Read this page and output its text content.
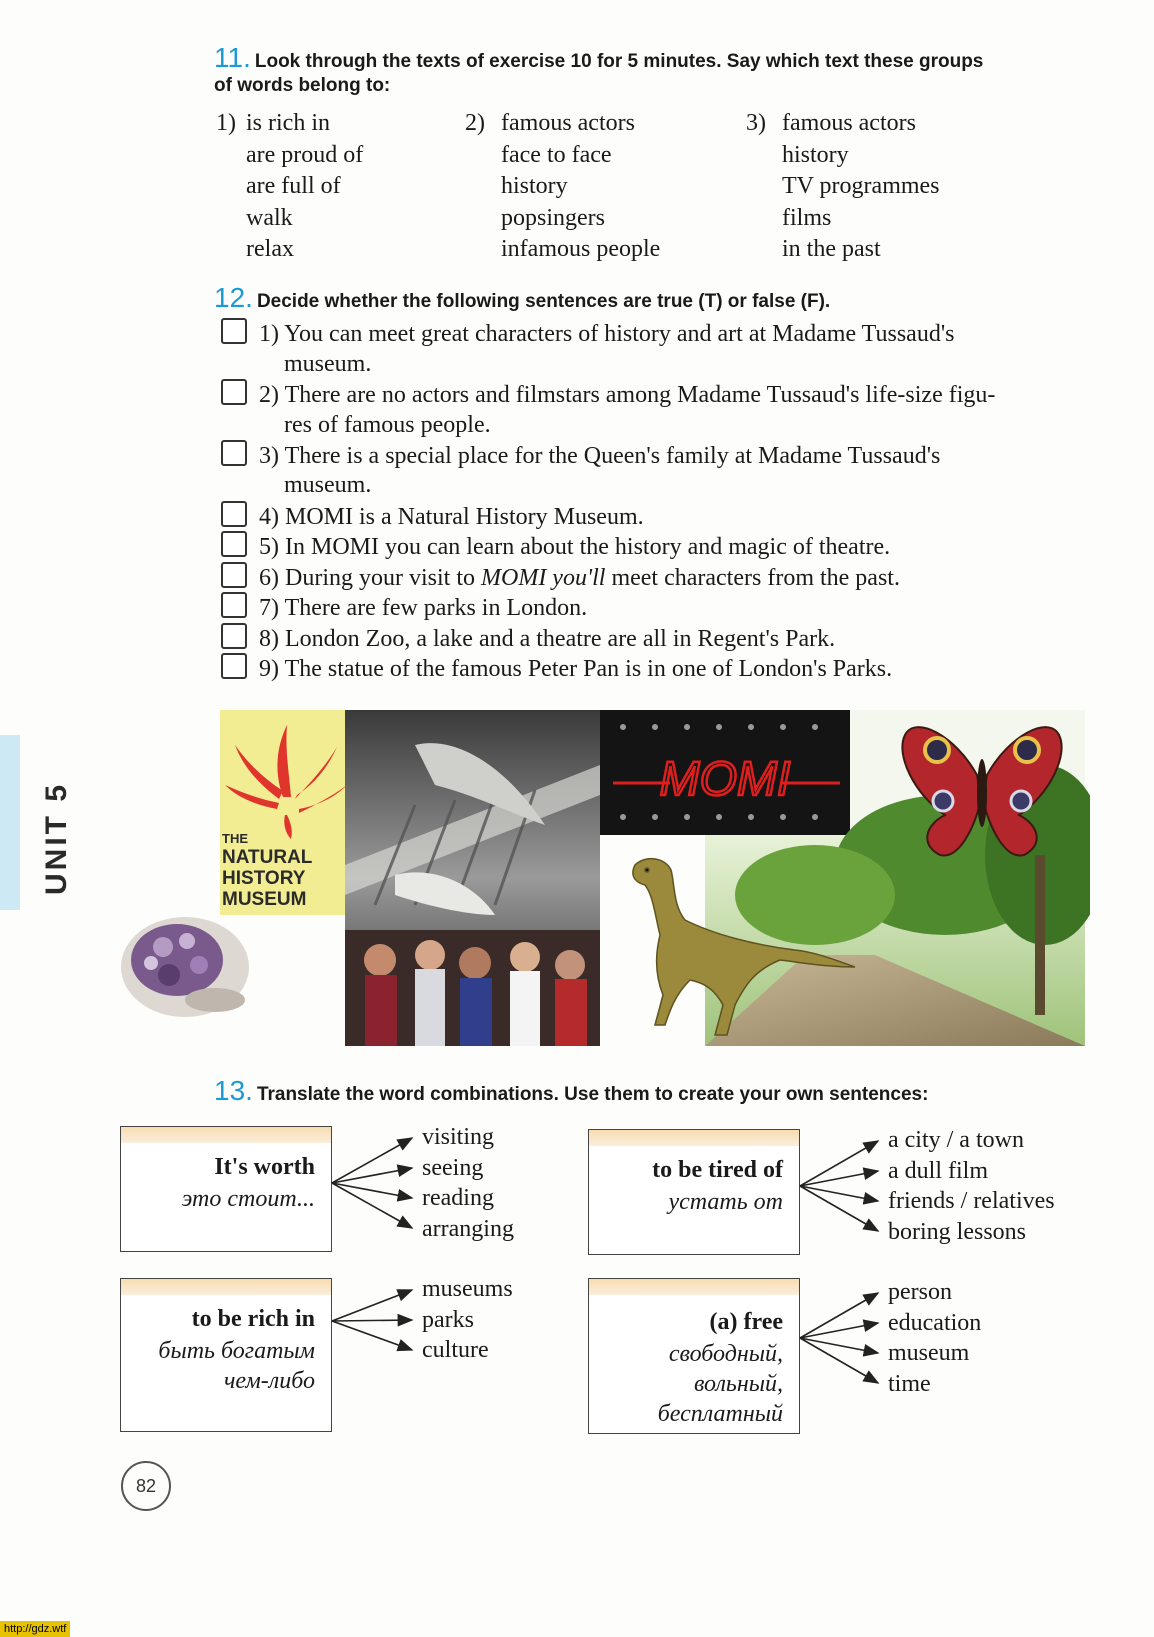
11. Look through the texts of exercise 10 for 5 minutes. Say which text these groups
of words belong to:
1) is rich in
are proud of
are full of
walk
relax
2) famous actors
face to face
history
popsingers
infamous people
3) famous actors
history
TV programmes
films
in the past
12. Decide whether the following sentences are true (T) or false (F).
1) You can meet great characters of history and art at Madame Tussaud's
museum.
2) There are no actors and filmstars among Madame Tussaud's life-size figu-
res of famous people.
3) There is a special place for the Queen's family at Madame Tussaud's
museum.
4) MOMI is a Natural History Museum.
5) In MOMI you can learn about the history and magic of theatre.
6) During your visit to MOMI you'll meet characters from the past.
7) There are few parks in London.
8) London Zoo, a lake and a theatre are all in Regent's Park.
9) The statue of the famous Peter Pan is in one of London's Parks.
UNIT 5	THE
NATURAL
HISTORY
MUSEUM
MOMI
13. Translate the word combinations. Use them to create your own sentences:
It's worth
это стоит...
visiting
seeing
reading
arranging
to be tired of
устать от
a city / a town
a dull film
friends / relatives
boring lessons
to be rich in
быть богатым
чем-либо
museums
parks
culture
(a) free
свободный,
вольный,
бесплатный
person
education
museum
time
82
http://gdz.wtf
